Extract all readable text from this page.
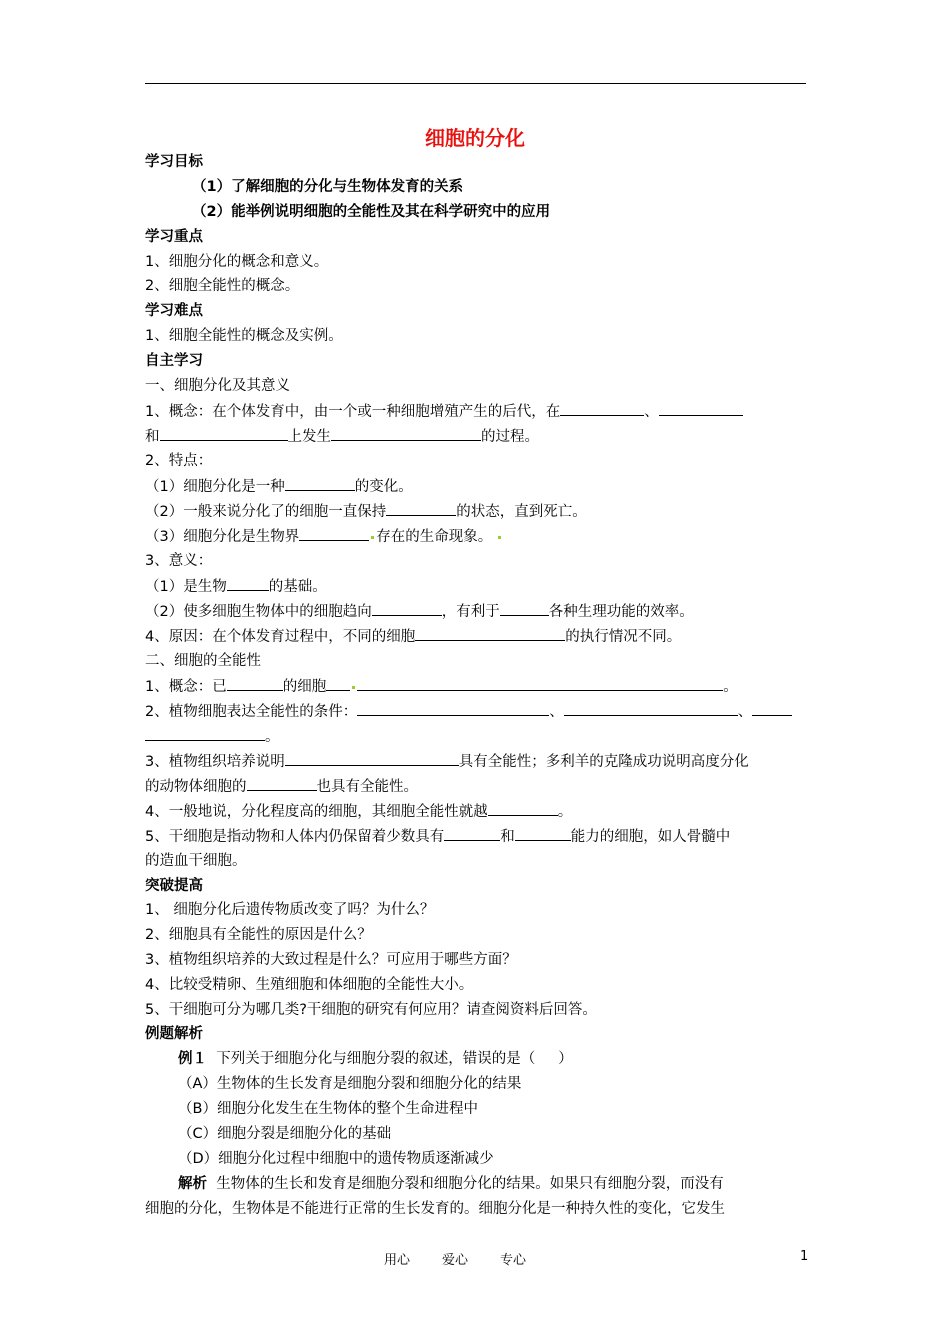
细胞的分化
学习目标
（1）了解细胞的分化与生物体发育的关系
（2）能举例说明细胞的全能性及其在科学研究中的应用
学习重点
1、细胞分化的概念和意义。
2、细胞全能性的概念。
学习难点
1、细胞全能性的概念及实例。
自主学习
一、细胞分化及其意义
1、概念：在个体发育中，由一个或一种细胞增殖产生的后代，在	、
和	上发生	的过程。
2、特点：
（1）细胞分化是一种	的变化。
（2）一般来说分化了的细胞一直保持	的状态，直到死亡。
（3）细胞分化是生物界	存在的生命现象。
3、意义：
（1）是生物	的基础。
（2）使多细胞生物体中的细胞趋向	，有利于	各种生理功能的效率。
4、原因：在个体发育过程中，不同的细胞	的执行情况不同。
二、细胞的全能性
1、概念：已	的细胞	。
2、植物细胞表达全能性的条件：	、	、
。
3、植物组织培养说明	具有全能性；多利羊的克隆成功说明高度分化
的动物体细胞的	也具有全能性。
4、一般地说，分化程度高的细胞，其细胞全能性就越	。
5、干细胞是指动物和人体内仍保留着少数具有	和	能力的细胞，如人骨髓中
的造血干细胞。
突破提高
1、 细胞分化后遗传物质改变了吗？为什么？
2、细胞具有全能性的原因是什么？
3、植物组织培养的大致过程是什么？可应用于哪些方面？
4、比较受精卵、生殖细胞和体细胞的全能性大小。
5、干细胞可分为哪几类?干细胞的研究有何应用？请查阅资料后回答。
例题解析
例１  下列关于细胞分化与细胞分裂的叙述，错误的是（     ）
（A）生物体的生长发育是细胞分裂和细胞分化的结果
（B）细胞分化发生在生物体的整个生命进程中
（C）细胞分裂是细胞分化的基础
（D）细胞分化过程中细胞中的遗传物质逐渐减少
解析  生物体的生长和发育是细胞分裂和细胞分化的结果。如果只有细胞分裂，而没有
细胞的分化，生物体是不能进行正常的生长发育的。细胞分化是一种持久性的变化，它发生
用心 爱心 专心	1
